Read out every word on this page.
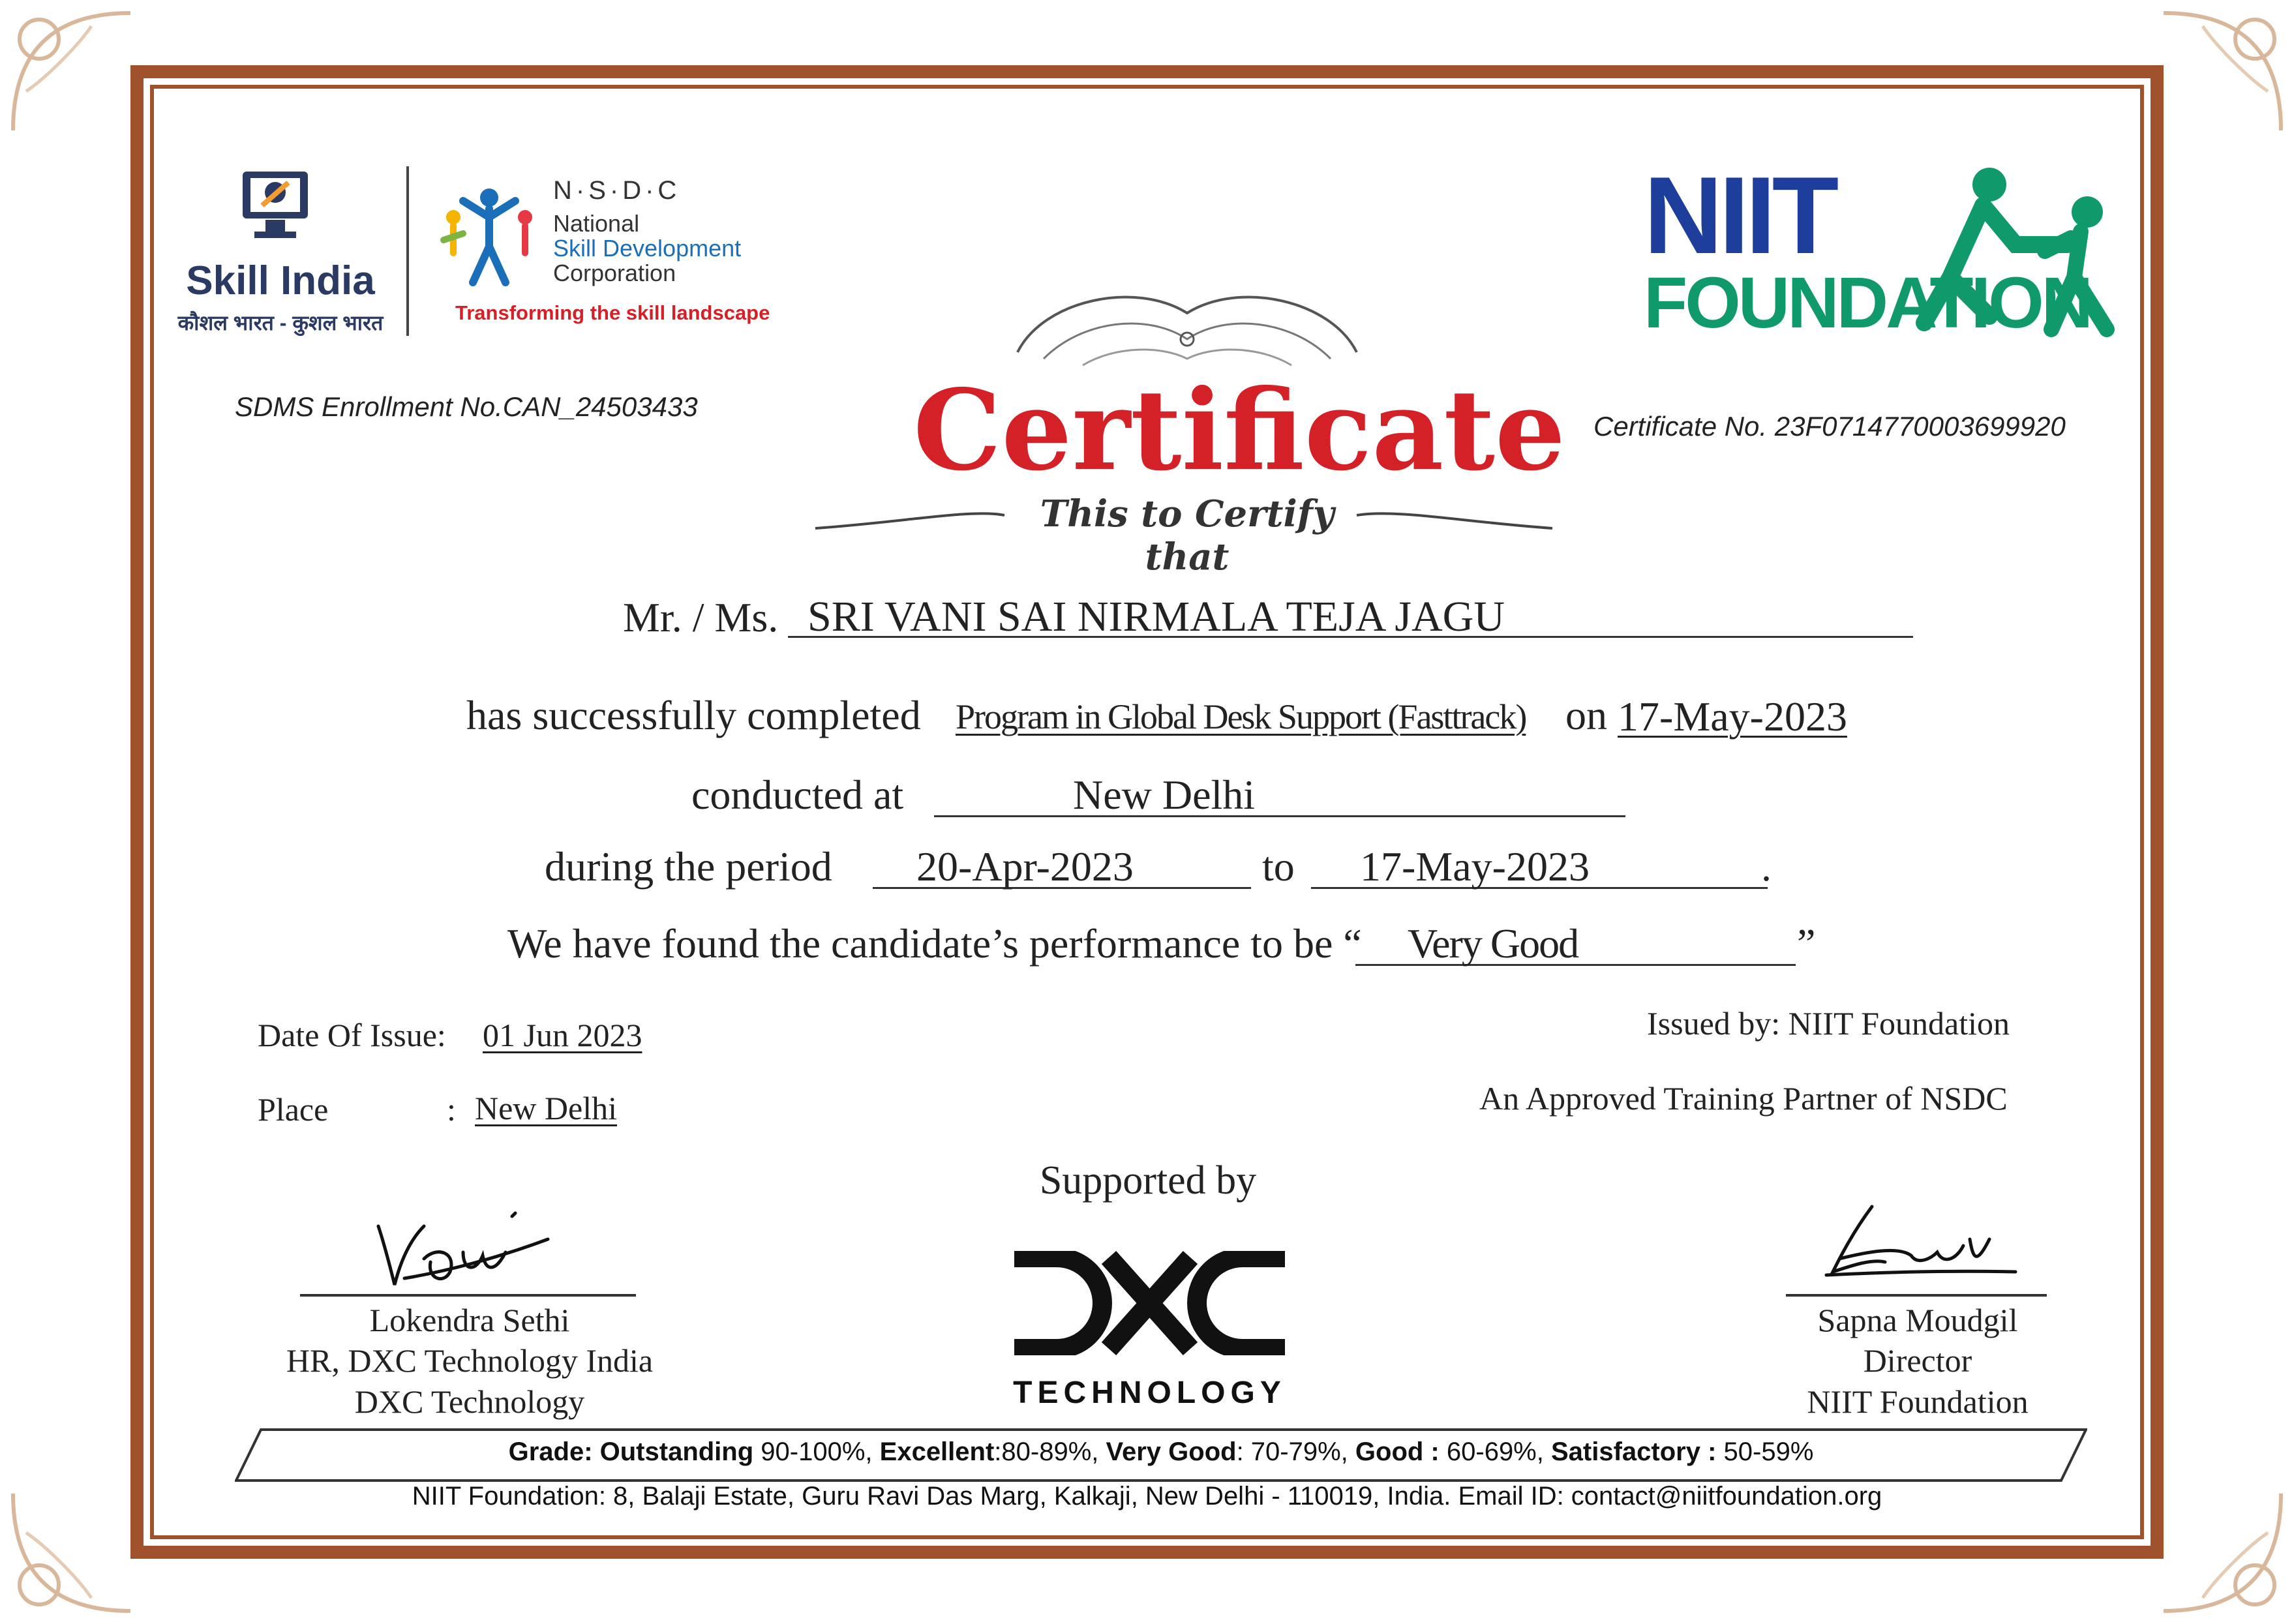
Skill India
कौशल भारत - कुशल भारत
N·S·D·C
National
Skill Development
Corporation
Transforming the skill landscape
NIIT
FOUNDATION
SDMS Enrollment No.CAN_24503433
Certificate No. 23F0714770003699920
Certificate
This to Certify that
Mr. / Ms. SRI VANI SAI NIRMALA TEJA JAGU
has successfully completed Program in Global Desk Support (Fasttrack) on 17-May-2023
conducted at	New Delhi
during the period 20-Apr-2023	to 17-May-2023	.
We have found the candidate’s performance to be “ Very Good	”
Date Of Issue: 01 Jun 2023
Place	: New Delhi
Issued by: NIIT Foundation
An Approved Training Partner of NSDC
Supported by
DXC
TECHNOLOGY
Lokendra Sethi
HR, DXC Technology India
DXC Technology
Sapna Moudgil
Director
NIIT Foundation
Grade: Outstanding 90-100%, Excellent:80-89%, Very Good: 70-79%, Good : 60-69%, Satisfactory : 50-59%
NIIT Foundation: 8, Balaji Estate, Guru Ravi Das Marg, Kalkaji, New Delhi - 110019, India. Email ID: contact@niitfoundation.org
